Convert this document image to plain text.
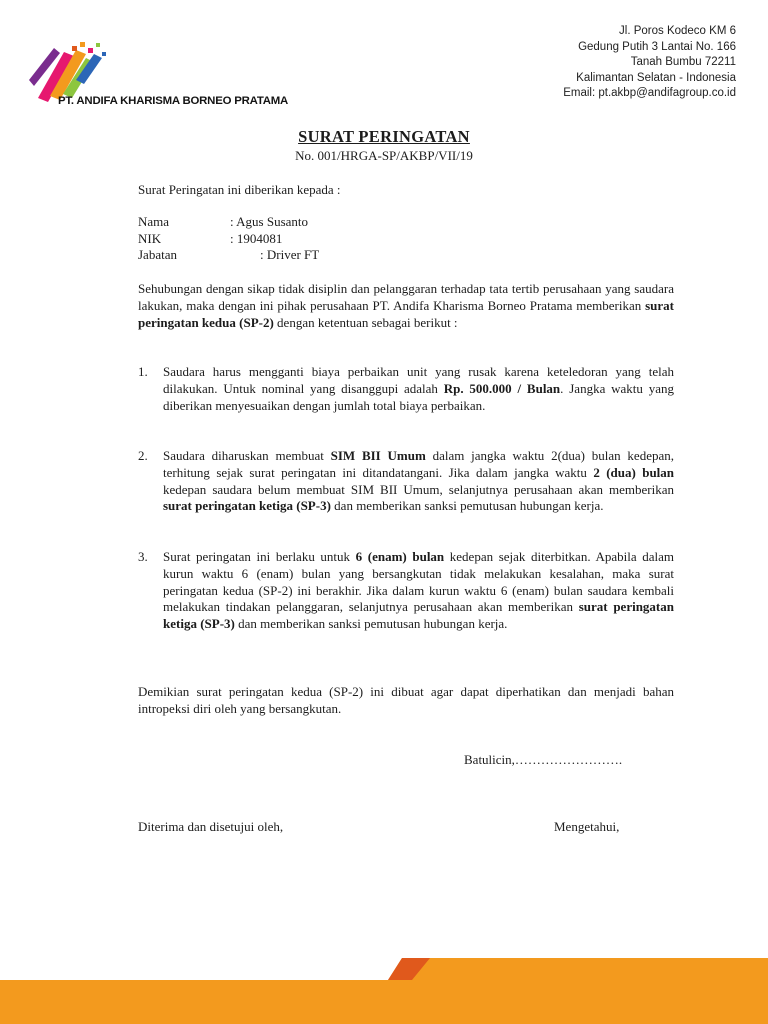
PT. ANDIFA KHARISMA BORNEO PRATAMA
Jl. Poros Kodeco KM 6
Gedung Putih 3 Lantai No. 166
Tanah Bumbu 72211
Kalimantan Selatan - Indonesia
Email: pt.akbp@andifagroup.co.id
SURAT PERINGATAN
No. 001/HRGA-SP/AKBP/VII/19
Surat Peringatan ini diberikan kepada :
Nama	: Agus Susanto
NIK	: 1904081
Jabatan	: Driver FT
Sehubungan dengan sikap tidak disiplin dan pelanggaran terhadap tata tertib perusahaan yang saudara lakukan, maka dengan ini pihak perusahaan PT. Andifa Kharisma Borneo Pratama memberikan surat peringatan kedua (SP-2) dengan ketentuan sebagai berikut :
1. Saudara harus mengganti biaya perbaikan unit yang rusak karena keteledoran yang telah dilakukan. Untuk nominal yang disanggupi adalah Rp. 500.000 / Bulan. Jangka waktu yang diberikan menyesuaikan dengan jumlah total biaya perbaikan.
2. Saudara diharuskan membuat SIM BII Umum dalam jangka waktu 2(dua) bulan kedepan, terhitung sejak surat peringatan ini ditandatangani. Jika dalam jangka waktu 2 (dua) bulan kedepan saudara belum membuat SIM BII Umum, selanjutnya perusahaan akan memberikan surat peringatan ketiga (SP-3) dan memberikan sanksi pemutusan hubungan kerja.
3. Surat peringatan ini berlaku untuk 6 (enam) bulan kedepan sejak diterbitkan. Apabila dalam kurun waktu 6 (enam) bulan yang bersangkutan tidak melakukan kesalahan, maka surat peringatan kedua (SP-2) ini berakhir. Jika dalam kurun waktu 6 (enam) bulan saudara kembali melakukan tindakan pelanggaran, selanjutnya perusahaan akan memberikan surat peringatan ketiga (SP-3) dan memberikan sanksi pemutusan hubungan kerja.
Demikian surat peringatan kedua (SP-2) ini dibuat agar dapat diperhatikan dan menjadi bahan intropeksi diri oleh yang bersangkutan.
Batulicin,…………………….
Diterima dan disetujui oleh,	Mengetahui,
